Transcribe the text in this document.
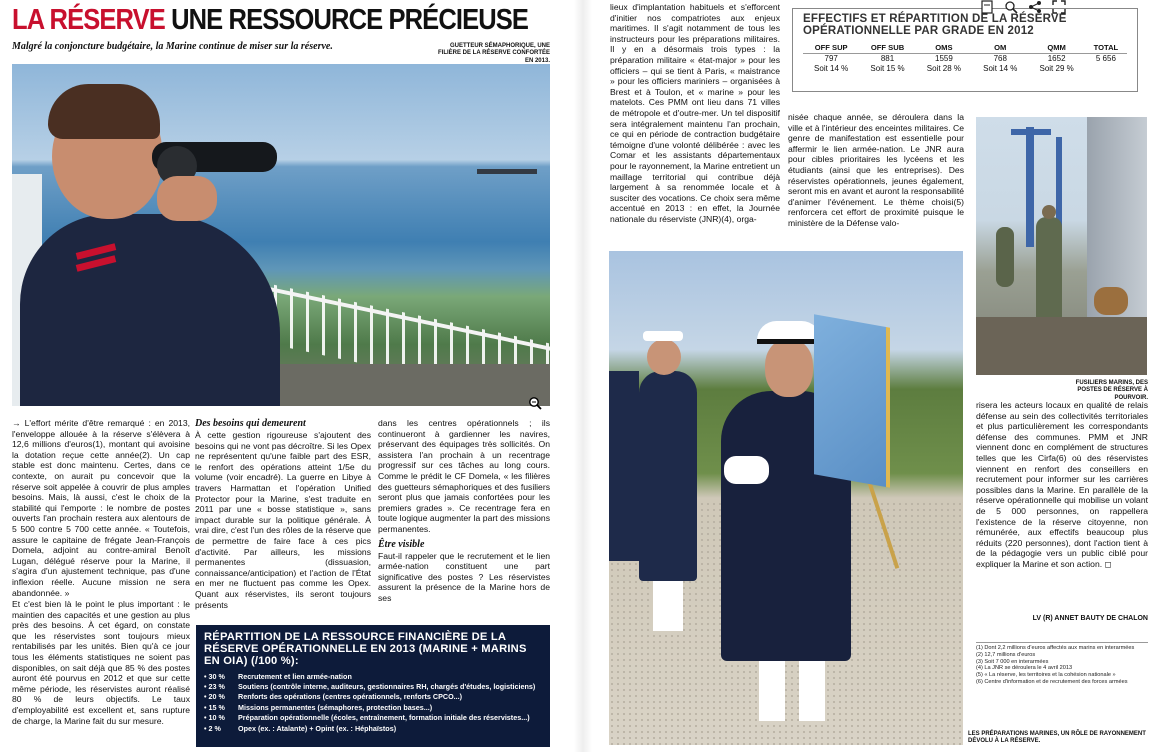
LA RÉSERVE UNE RESSOURCE PRÉCIEUSE
Malgré la conjoncture budgétaire, la Marine continue de miser sur la réserve.	GUETTEUR SÉMAPHORIQUE, UNE FILIÈRE DE LA RÉSERVE CONFORTÉE EN 2013.

→ L'effort mérite d'être remarqué : en 2013, l'enveloppe allouée à la réserve s'élèvera à 12,6 millions d'euros(1), montant qui avoisine la dotation reçue cette année(2). Un cap stable est donc maintenu. Certes, dans ce contexte, on aurait pu concevoir que la réserve soit appelée à couvrir de plus amples besoins. Mais, là aussi, c'est le choix de la stabilité qui l'emporte : le nombre de postes ouverts l'an prochain restera aux alentours de 5 500 contre 5 700 cette année. « Toutefois, assure le capitaine de frégate Jean-François Domela, adjoint au contre-amiral Benoît Lugan, délégué réserve pour la Marine, il s'agira d'un ajustement technique, pas d'une inflexion réelle. Aucune mission ne sera abandonnée. »

Et c'est bien là le point le plus important : le maintien des capacités et une gestion au plus près des besoins. À cet égard, on constate que les réservistes sont toujours mieux rentabilisés par les unités. Bien qu'à ce jour tous les éléments statistiques ne soient pas disponibles, on sait déjà que 85 % des postes auront été pourvus en 2012 et que sur cette même période, les réservistes auront réalisé 80 % de leurs objectifs. Le taux d'employabilité est excellent et, sans rupture de charge, la Marine fait du sur mesure.

Des besoins qui demeurent

À cette gestion rigoureuse s'ajoutent des besoins qui ne vont pas décroître. Si les Opex ne représentent qu'une faible part des ESR, le renfort des opérations atteint 1/5e du volume (voir encadré). La guerre en Libye à travers Harmattan et l'opération Unified Protector pour la Marine, s'est traduite en 2011 par une « bosse statistique », sans impact durable sur la politique générale. À vrai dire, c'est l'un des rôles de la réserve que de permettre de faire face à ces pics d'activité. Par ailleurs, les missions permanentes (dissuasion, connaissance/anticipation) et l'action de l'État en mer ne fluctuent pas comme les Opex. Quant aux réservistes, ils seront toujours présents

dans les centres opérationnels ; ils continueront à gardienner les navires, préservant des équipages très sollicités. On assistera l'an prochain à un recentrage progressif sur ces tâches au long cours. Comme le prédit le CF Domela, « les filières des guetteurs sémaphoriques et des fusiliers seront plus que jamais confortées pour les premiers grades ». Ce recentrage fera en toute logique augmenter la part des missions permanentes.

Être visible

Faut-il rappeler que le recrutement et le lien armée-nation constituent une part significative des postes ? Les réservistes assurent la présence de la Marine hors de ses

RÉPARTITION DE LA RESSOURCE FINANCIÈRE DE LA RÉSERVE OPÉRATIONNELLE EN 2013 (MARINE + MARINS EN OIA) (/100 %):
• 30 %	Recrutement et lien armée-nation
• 23 %	Soutiens (contrôle interne, auditeurs, gestionnaires RH, chargés d'études, logisticiens)
• 20 %	Renforts des opérations (centres opérationnels, renforts CPCO...)
• 15 %	Missions permanentes (sémaphores, protection bases...)
• 10 %	Préparation opérationnelle (écoles, entraînement, formation initiale des réservistes...)
• 2 %	Opex (ex. : Atalante) + Opint (ex. : Héphaïstos)

lieux d'implantation habituels et s'efforcent d'initier nos compatriotes aux enjeux maritimes. Il s'agit notamment de tous les instructeurs pour les préparations militaires. Il y en a désormais trois types : la préparation militaire « état-major » pour les officiers – qui se tient à Paris, « maistrance » pour les officiers mariniers – organisées à Brest et à Toulon, et « marine » pour les matelots. Ces PMM ont lieu dans 71 villes de métropole et d'outre-mer. Un tel dispositif sera intégralement maintenu l'an prochain, ce qui en période de contraction budgétaire témoigne d'une volonté délibérée : avec les Comar et les assistants départementaux pour le rayonnement, la Marine entretient un maillage territorial qui contribue déjà largement à sa renommée locale et à susciter des vocations. Ce choix sera même accentué en 2013 : en effet, la Journée nationale du réserviste (JNR)(4), orga-

nisée chaque année, se déroulera dans la ville et à l'intérieur des enceintes militaires. Ce genre de manifestation est essentielle pour affermir le lien armée-nation. Le JNR aura pour cibles prioritaires les lycéens et les étudiants (ainsi que les entreprises). Des réservistes opérationnels, jeunes également, seront mis en avant et auront la responsabilité d'animer l'événement. Le thème choisi(5) renforcera cet effort de proximité puisque le ministère de la Défense valo-

EFFECTIFS ET RÉPARTITION DE LA RÉSERVE OPÉRATIONNELLE PAR GRADE EN 2012
OFF SUP	OFF SUB	OMS	OM	QMM	TOTAL
797	881	1559	768	1652	5 656
Soit 14 %	Soit 15 %	Soit 28 %	Soit 14 %	Soit 29 %	
FUSILIERS MARINS, DES POSTES DE RÉSERVE À POURVOIR.
LES PRÉPARATIONS MARINES, UN RÔLE DE RAYONNEMENT DÉVOLU À LA RÉSERVE.

risera les acteurs locaux en qualité de relais défense au sein des collectivités territoriales et plus particulièrement les correspondants défense des communes. PMM et JNR viennent donc en complément de structures telles que les Cirfa(6) où des réservistes viennent en renfort des conseillers en recrutement pour informer sur les carrières possibles dans la Marine. En parallèle de la réserve opérationnelle qui mobilise un volant de 5 000 personnes, on rappellera l'existence de la réserve citoyenne, non rémunérée, aux effectifs beaucoup plus réduits (220 personnes), dont l'action tient à de la pédagogie vers un public ciblé pour expliquer la Marine et son action. ◻

LV (R) ANNET BAUTY DE CHALON
(1) Dont 2,2 millions d'euros affectés aux marins en interarmées
(2) 12,7 millions d'euros
(3) Soit 7 000 en interarmées
(4) La JNR se déroulera le 4 avril 2013
(5) « La réserve, les territoires et la cohésion nationale »
(6) Centre d'information et de recrutement des forces armées
